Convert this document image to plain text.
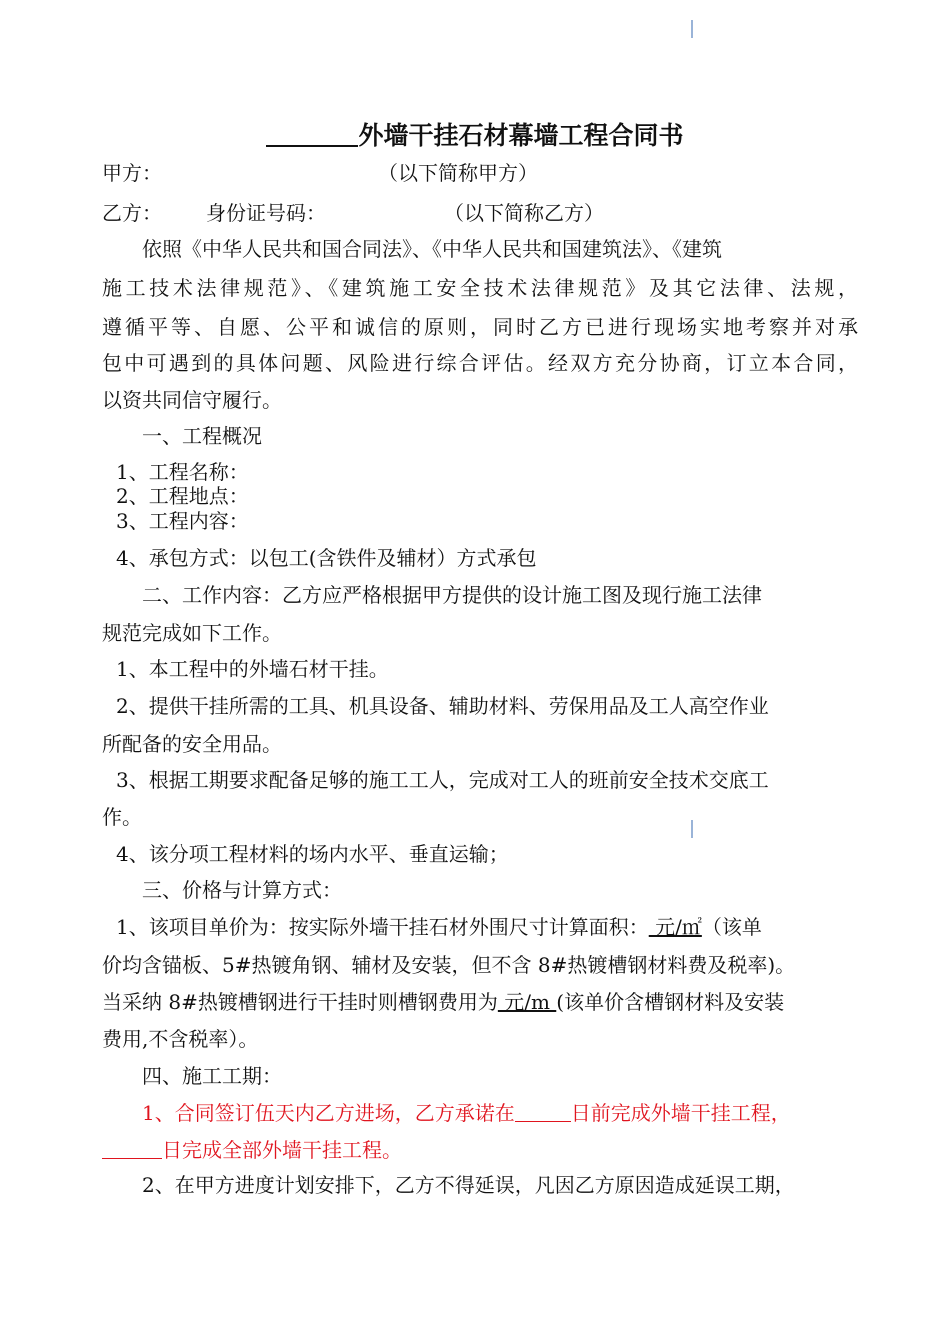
外墙干挂石材幕墙工程合同书
甲方：	（以下简称甲方）
乙方： 身份证号码：	（以下简称乙方）
依照《中华人民共和国合同法》、《中华人民共和国建筑法》、《建筑
施工技术法律规范》、《建筑施工安全技术法律规范》及其它法律、法规，
遵循平等、自愿、公平和诚信的原则，同时乙方已进行现场实地考察并对承
包中可遇到的具体问题、风险进行综合评估。经双方充分协商，订立本合同，
以资共同信守履行。
一、工程概况
1、工程名称：
2、工程地点：
3、工程内容：
4、承包方式：以包工(含铁件及辅材）方式承包
二、工作内容：乙方应严格根据甲方提供的设计施工图及现行施工法律
规范完成如下工作。
1、本工程中的外墙石材干挂。
2、提供干挂所需的工具、机具设备、辅助材料、劳保用品及工人高空作业
所配备的安全用品。
3、根据工期要求配备足够的施工工人，完成对工人的班前安全技术交底工
作。
4、该分项工程材料的场内水平、垂直运输；
三、价格与计算方式：
1、该项目单价为：按实际外墙干挂石材外围尺寸计算面积： 元/㎡（该单
价均含锚板、5#热镀角钢、辅材及安装，但不含 8#热镀槽钢材料费及税率)。
当采纳 8#热镀槽钢进行干挂时则槽钢费用为 元/m (该单价含槽钢材料及安装
费用,不含税率）。
四、施工工期：
1、合同签订伍天内乙方进场，乙方承诺在	日前完成外墙干挂工程，
日完成全部外墙干挂工程。
2、在甲方进度计划安排下，乙方不得延误，凡因乙方原因造成延误工期，
